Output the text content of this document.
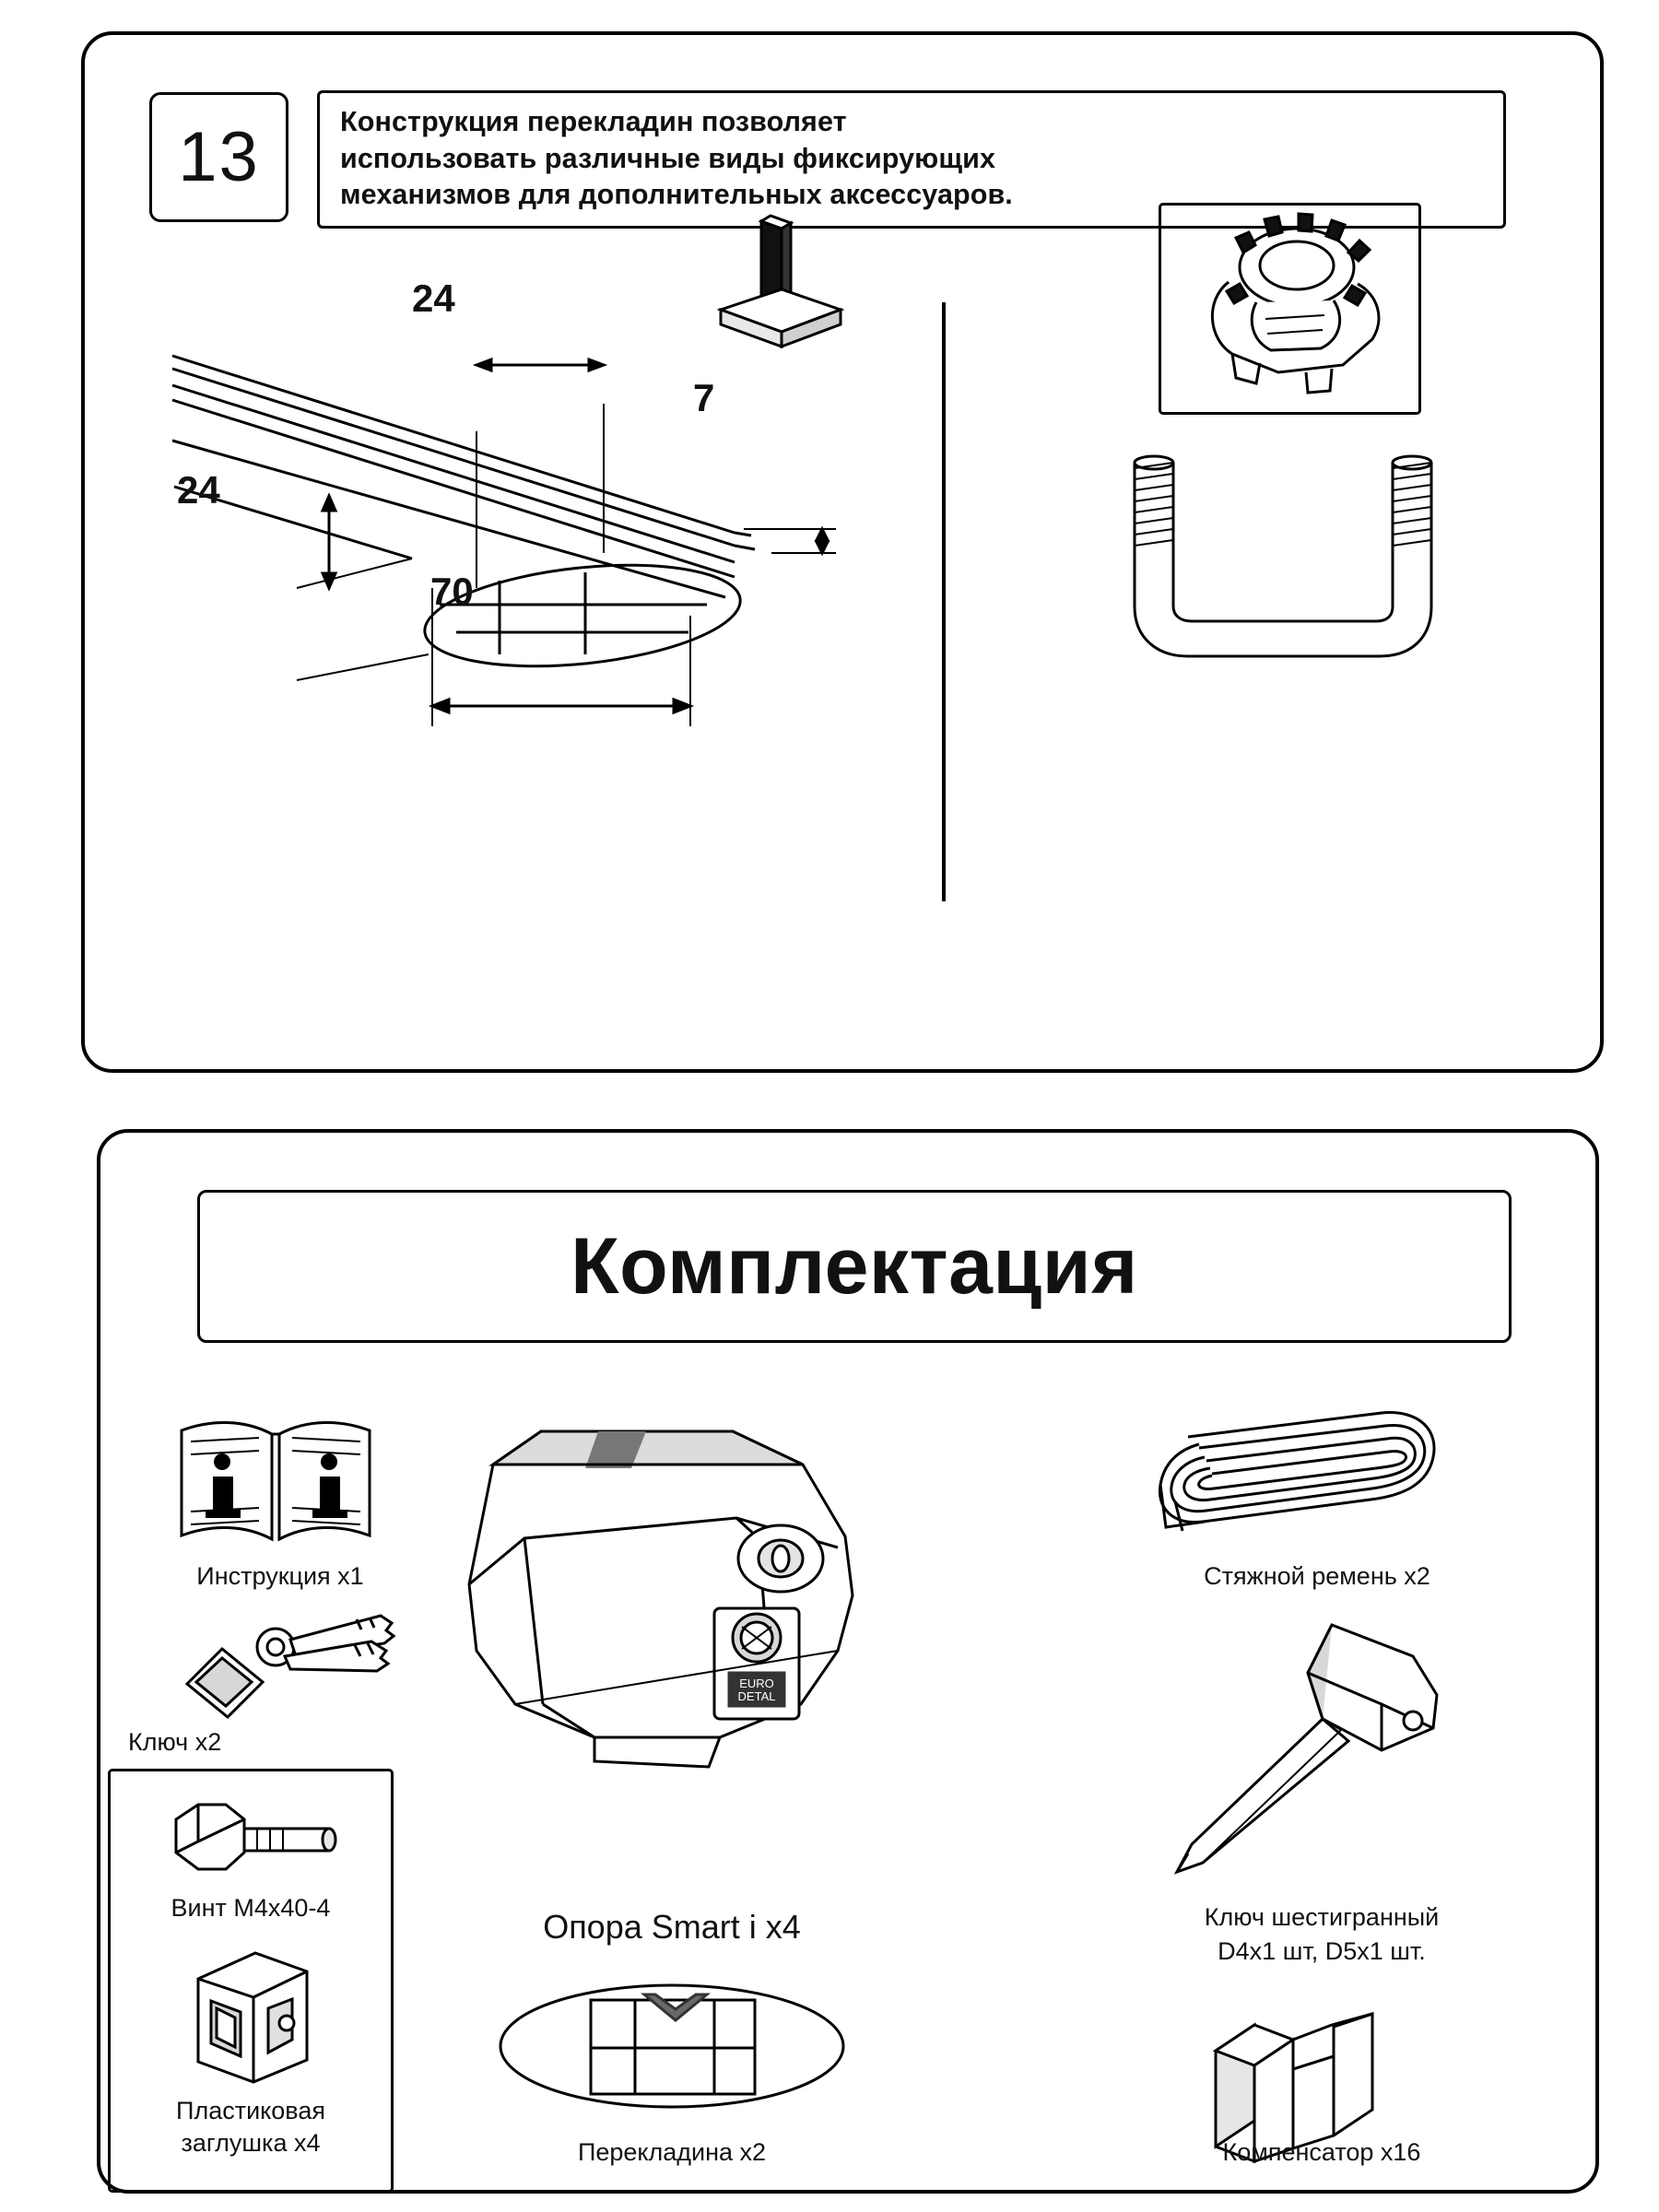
13	Конструкция перекладин позволяет

использовать различные виды фиксирующих

механизмов для дополнительных аксессуаров.

24
7
24
70
Комплектация
Инструкция x1
Ключ x2
Винт M4x40-4
Пластиковая
заглушка x4
EURO
DETAL
Опора Smart i x4
Перекладина x2
Стяжной ремень x2
Ключ шестигранный
D4x1 шт, D5x1 шт.
Компенсатор x16
